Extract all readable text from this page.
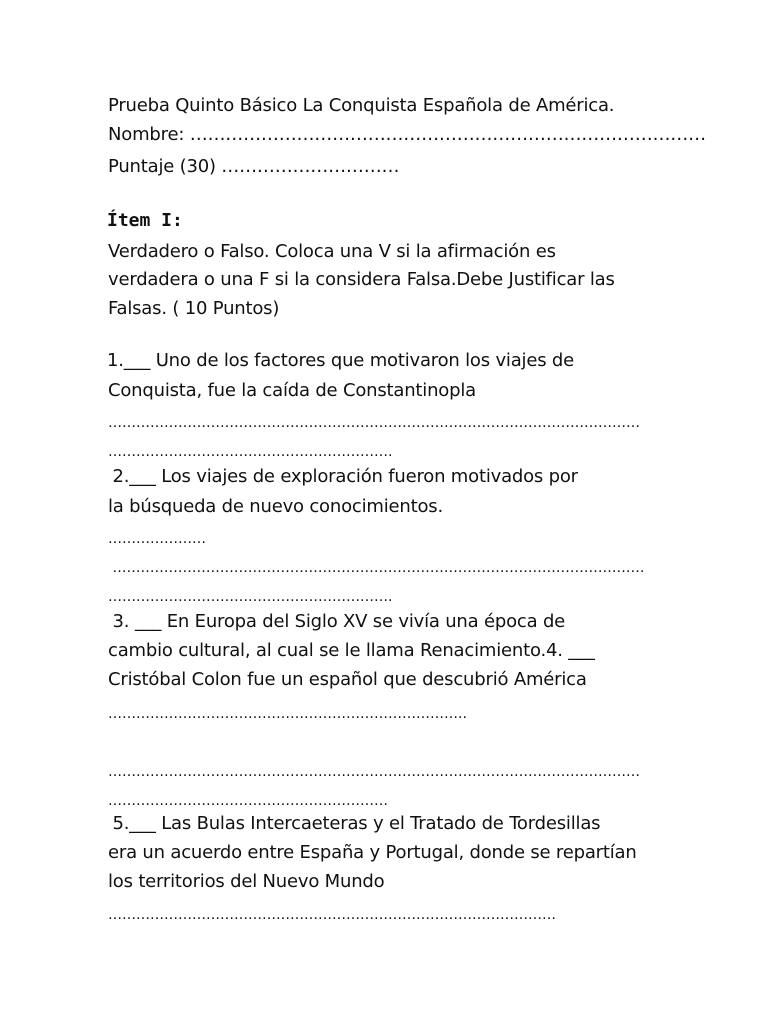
Prueba Quinto Básico La Conquista Española de América.
Nombre: ……………………………………………………………………………
Puntaje (30) …………………………
Ítem I:
Verdadero o Falso. Coloca una V si la afirmación es
verdadera o una F si la considera Falsa.Debe Justificar las
Falsas. ( 10 Puntos)
1.___ Uno de los factores que motivaron los viajes de
Conquista, fue la caída de Constantinopla
……………………………………………………………………………………………………
…………………………………………………….
2.___ Los viajes de exploración fueron motivados por
la búsqueda de nuevo conocimientos.
…………………
……………………………………………………………………………………………………
…………………………………………………….
3. ___ En Europa del Siglo XV se vivía una época de
cambio cultural, al cual se le llama Renacimiento.4. ___
Cristóbal Colon fue un español que descubrió América
…………………………………………………………………..
……………………………………………………………………………………………………
……………………………………………………
5.___ Las Bulas Intercaeteras y el Tratado de Tordesillas
era un acuerdo entre España y Portugal, donde se repartían
los territorios del Nuevo Mundo
……………………………………………………………………………………
